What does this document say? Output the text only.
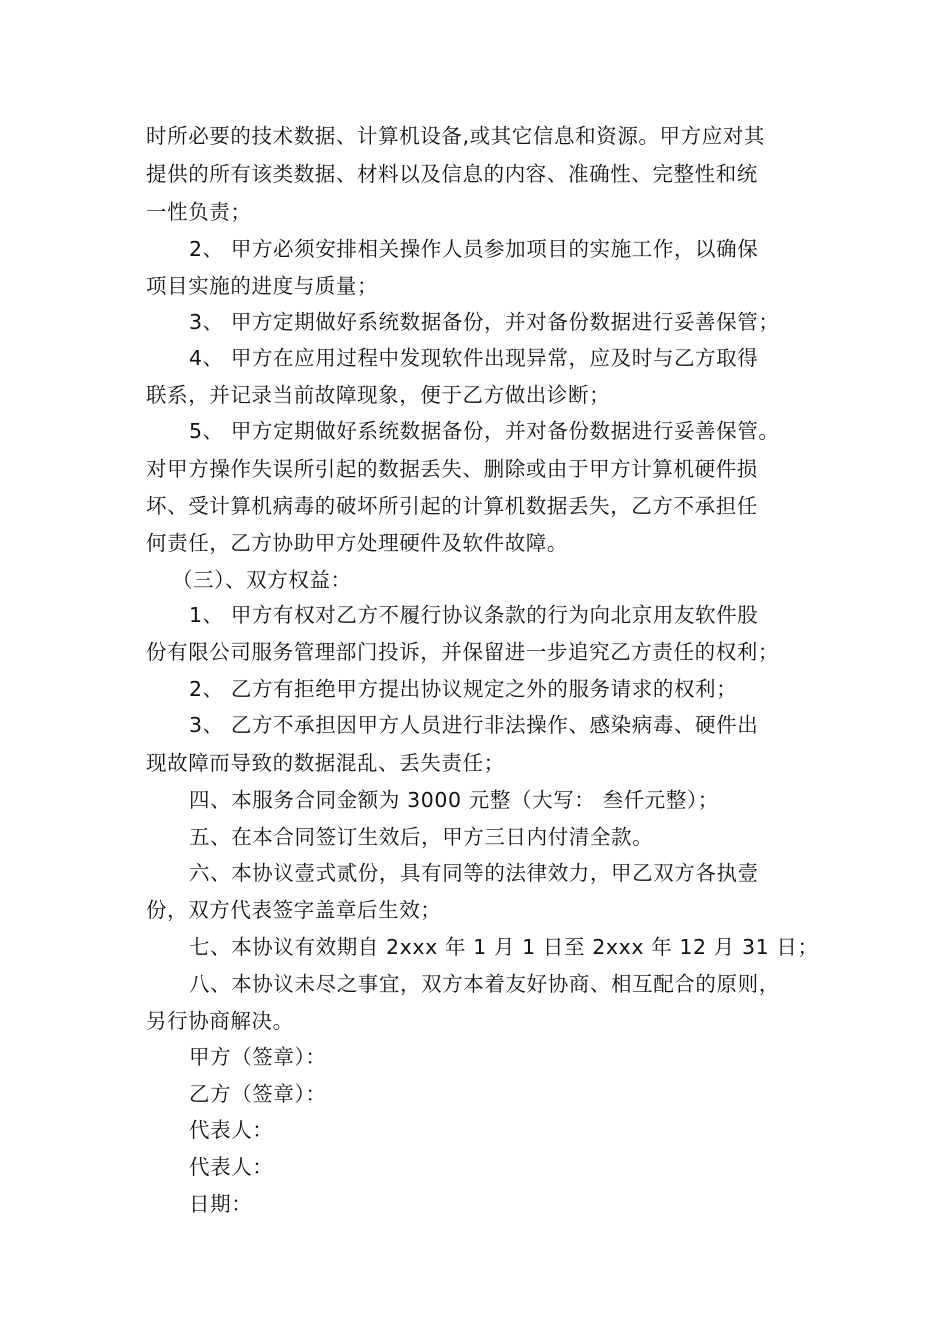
时所必要的技术数据、计算机设备,或其它信息和资源。甲方应对其
提供的所有该类数据、材料以及信息的内容、准确性、完整性和统
一性负责；
2、 甲方必须安排相关操作人员参加项目的实施工作，以确保
项目实施的进度与质量；
3、 甲方定期做好系统数据备份，并对备份数据进行妥善保管；
4、 甲方在应用过程中发现软件出现异常，应及时与乙方取得
联系，并记录当前故障现象，便于乙方做出诊断；
5、 甲方定期做好系统数据备份，并对备份数据进行妥善保管。
对甲方操作失误所引起的数据丢失、删除或由于甲方计算机硬件损
坏、受计算机病毒的破坏所引起的计算机数据丢失，乙方不承担任
何责任，乙方协助甲方处理硬件及软件故障。
（三）、双方权益：
1、 甲方有权对乙方不履行协议条款的行为向北京用友软件股
份有限公司服务管理部门投诉，并保留进一步追究乙方责任的权利；
2、 乙方有拒绝甲方提出协议规定之外的服务请求的权利；
3、 乙方不承担因甲方人员进行非法操作、感染病毒、硬件出
现故障而导致的数据混乱、丢失责任；
四、本服务合同金额为 3000 元整（大写： 叁仟元整）；
五、在本合同签订生效后，甲方三日内付清全款。
六、本协议壹式贰份，具有同等的法律效力，甲乙双方各执壹
份，双方代表签字盖章后生效；
七、本协议有效期自 2xxx 年 1 月 1 日至 2xxx 年 12 月 31 日；
八、本协议未尽之事宜，双方本着友好协商、相互配合的原则，
另行协商解决。
甲方（签章）：
乙方（签章）：
代表人：
代表人：
日期：
